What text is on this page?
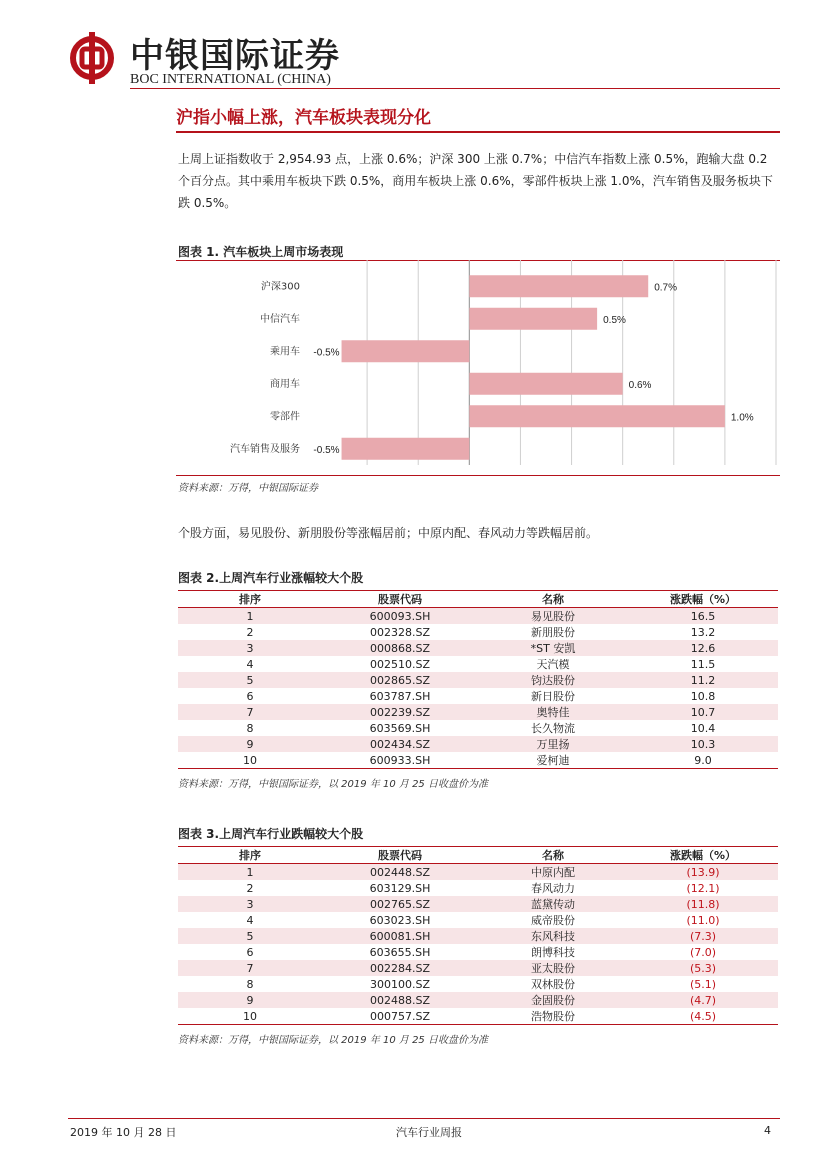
中银国际证券
BOC INTERNATIONAL (CHINA)
沪指小幅上涨，汽车板块表现分化
上周上证指数收于 2,954.93 点，上涨 0.6%；沪深 300 上涨 0.7%；中信汽车指数上涨 0.5%，跑输大盘 0.2 个百分点。其中乘用车板块下跌 0.5%，商用车板块上涨 0.6%，零部件板块上涨 1.0%，汽车销售及服务板块下跌 0.5%。
图表 1. 汽车板块上周市场表现
沪深300	0.7%
中信汽车	0.5%
乘用车 -0.5%
商用车	0.6%
零部件	1.0%
汽车销售及服务 -0.5%
资料来源：万得，中银国际证券
个股方面，易见股份、新朋股份等涨幅居前；中原内配、春风动力等跌幅居前。
图表 2.上周汽车行业涨幅较大个股
排序	股票代码	名称	涨跌幅（%）
1	600093.SH	易见股份	16.5
2	002328.SZ	新朋股份	13.2
3	000868.SZ	*ST 安凯	12.6
4	002510.SZ	天汽模	11.5
5	002865.SZ	钧达股份	11.2
6	603787.SH	新日股份	10.8
7	002239.SZ	奥特佳	10.7
8	603569.SH	长久物流	10.4
9	002434.SZ	万里扬	10.3
10	600933.SH	爱柯迪	9.0
资料来源：万得，中银国际证券，以 2019 年 10 月 25 日收盘价为准
图表 3.上周汽车行业跌幅较大个股
排序	股票代码	名称	涨跌幅（%）
1	002448.SZ	中原内配	(13.9)
2	603129.SH	春风动力	(12.1)
3	002765.SZ	蓝黛传动	(11.8)
4	603023.SH	威帝股份	(11.0)
5	600081.SH	东风科技	(7.3)
6	603655.SH	朗博科技	(7.0)
7	002284.SZ	亚太股份	(5.3)
8	300100.SZ	双林股份	(5.1)
9	002488.SZ	金固股份	(4.7)
10	000757.SZ	浩物股份	(4.5)
资料来源：万得，中银国际证券，以 2019 年 10 月 25 日收盘价为准
2019 年 10 月 28 日	汽车行业周报	4
